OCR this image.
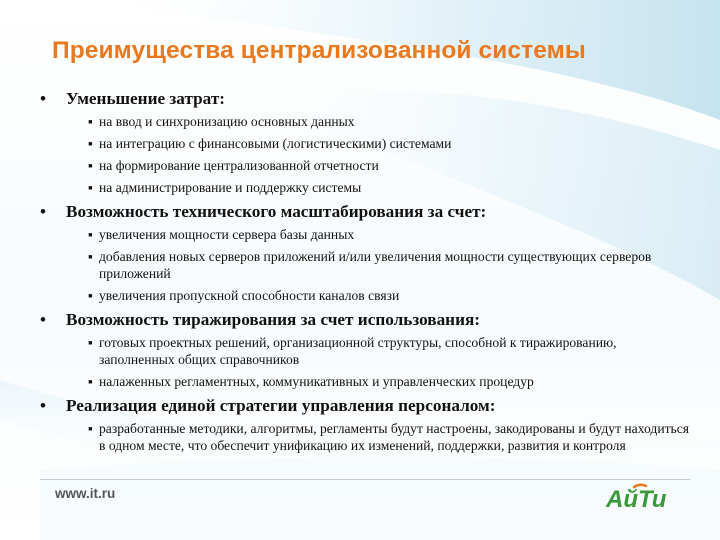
Преимущества централизованной системы
•	Уменьшение затрат:
▪ на ввод и синхронизацию основных данных
▪ на интеграцию с финансовыми (логистическими) системами
▪ на формирование централизованной отчетности
▪ на администрирование и поддержку системы
•	Возможность технического масштабирования за счет:
▪ увеличения мощности сервера базы данных
▪ добавления новых серверов приложений и/или увеличения мощности существующих серверов приложений
▪ увеличения пропускной способности каналов связи
•	Возможность тиражирования за счет использования:
▪ готовых проектных решений, организационной структуры, способной к тиражированию, заполненных общих справочников
▪ налаженных регламентных, коммуникативных и управленческих процедур
•	Реализация единой стратегии управления персоналом:
▪ разработанные методики, алгоритмы, регламенты будут настроены, закодированы и будут находиться в одном месте, что обеспечит унификацию их изменений, поддержки, развития и контроля
www.it.ru	АйТи
